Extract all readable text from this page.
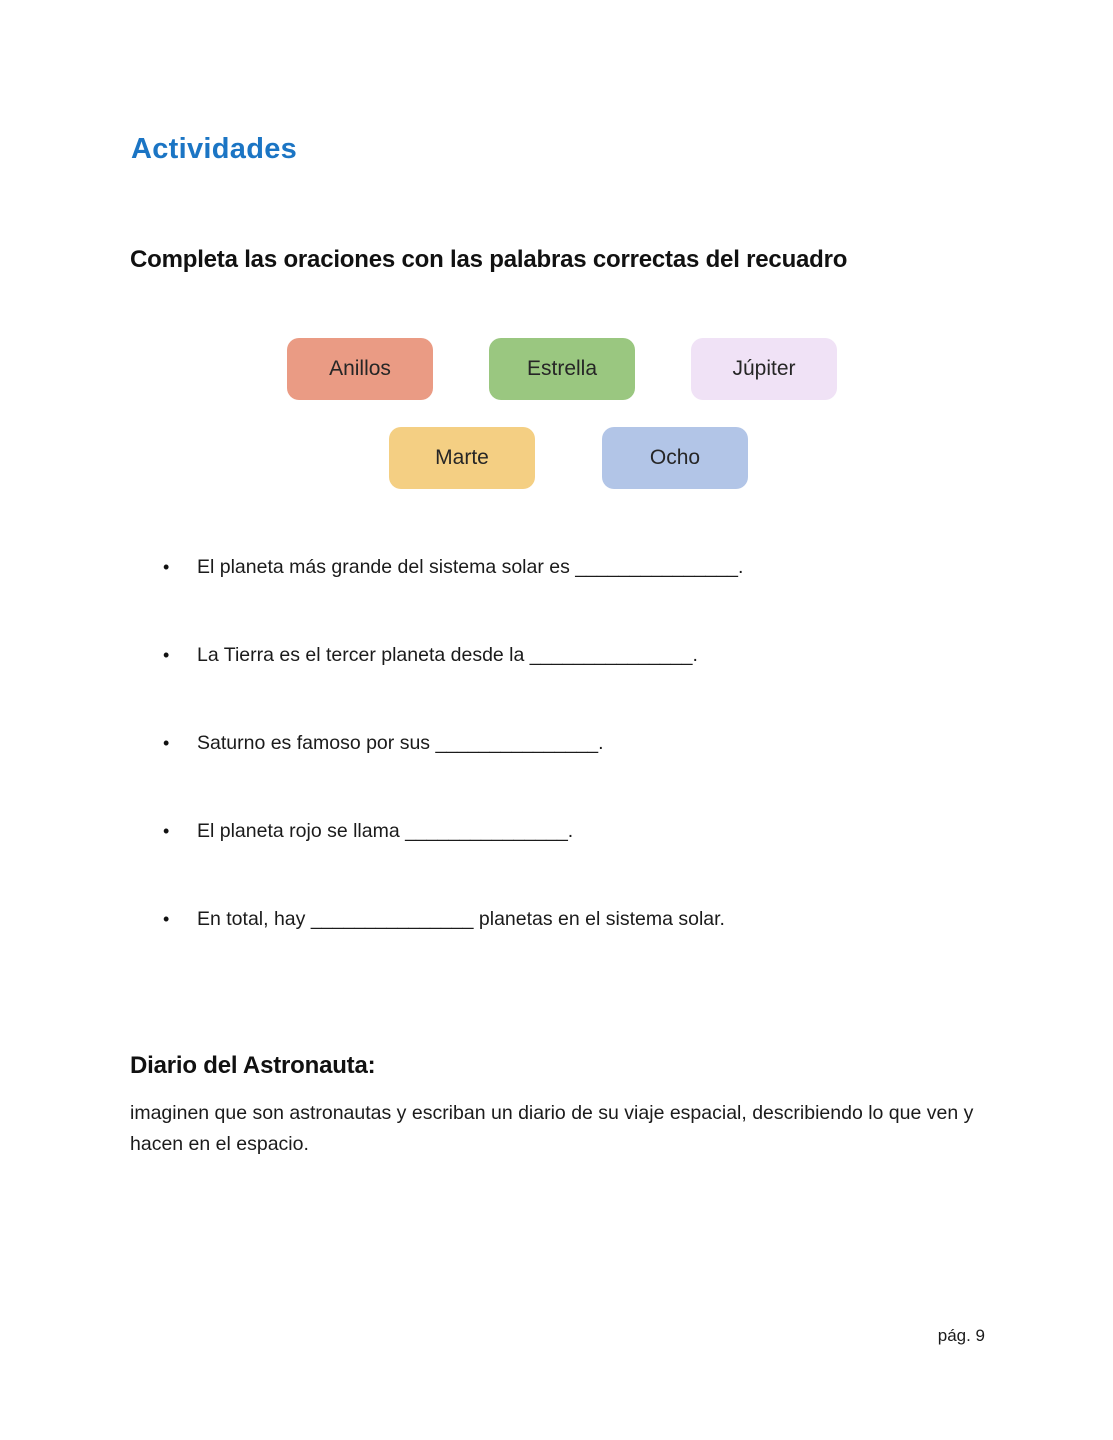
Actividades
Completa las oraciones con las palabras correctas del recuadro
Anillos	Estrella	Júpiter
Marte	Ocho
•	El planeta más grande del sistema solar es _______________.
•	La Tierra es el tercer planeta desde la _______________.
•	Saturno es famoso por sus _______________.
•	El planeta rojo se llama _______________.
•	En total, hay _______________ planetas en el sistema solar.
Diario del Astronauta:

imaginen que son astronautas y escriban un diario de su viaje espacial, describiendo lo que ven y hacen en el espacio.

pág. 9
